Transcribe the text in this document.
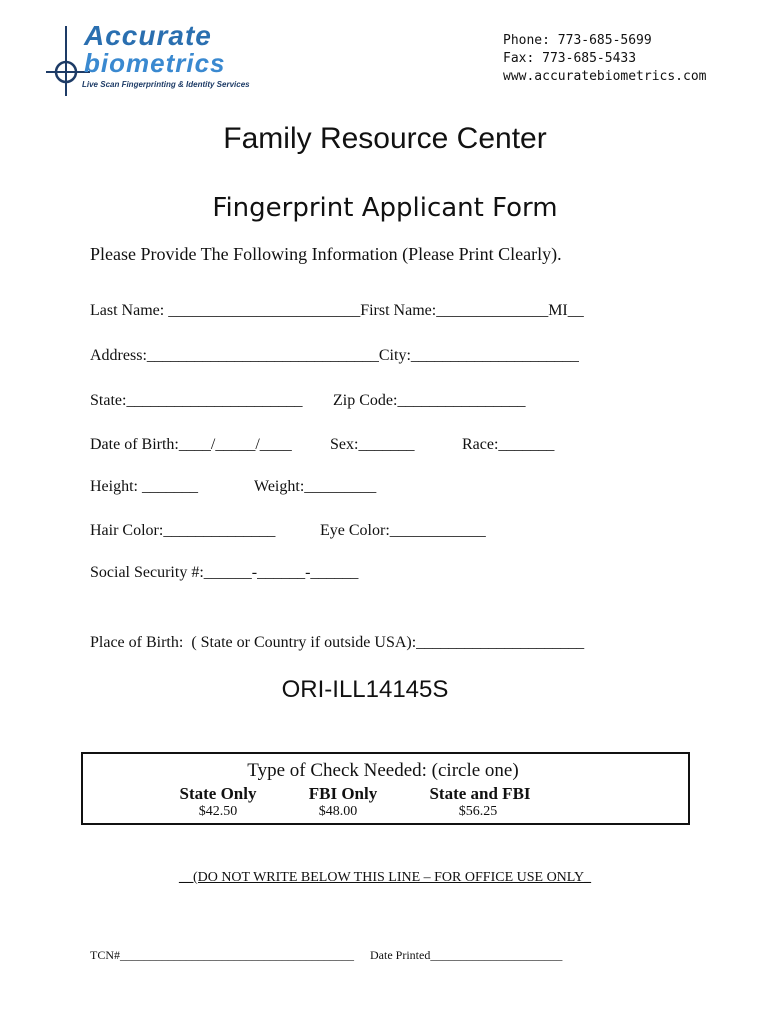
Accurate
biometrics
Live Scan Fingerprinting & Identity Services
Phone: 773-685-5699
Fax: 773-685-5433
www.accuratebiometrics.com
Family Resource Center
Fingerprint Applicant Form
Please Provide The Following Information (Please Print Clearly).
Last Name: ________________________First Name:______________MI__
Address:_____________________________City:_____________________
State:______________________ Zip Code:________________
Date of Birth:____/_____/____ Sex:_______	Race:_______
Height: _______	Weight:_________
Hair Color:______________	Eye Color:____________
Social Security #:______-______-______
Place of Birth:  ( State or Country if outside USA):_____________________
ORI-ILL14145S
Type of Check Needed: (circle one)
State Only
$42.50
FBI Only
$48.00
State and FBI
$56.25
__(DO NOT WRITE BELOW THIS LINE – FOR OFFICE USE ONLY_
TCN#_______________________________________ Date Printed______________________
